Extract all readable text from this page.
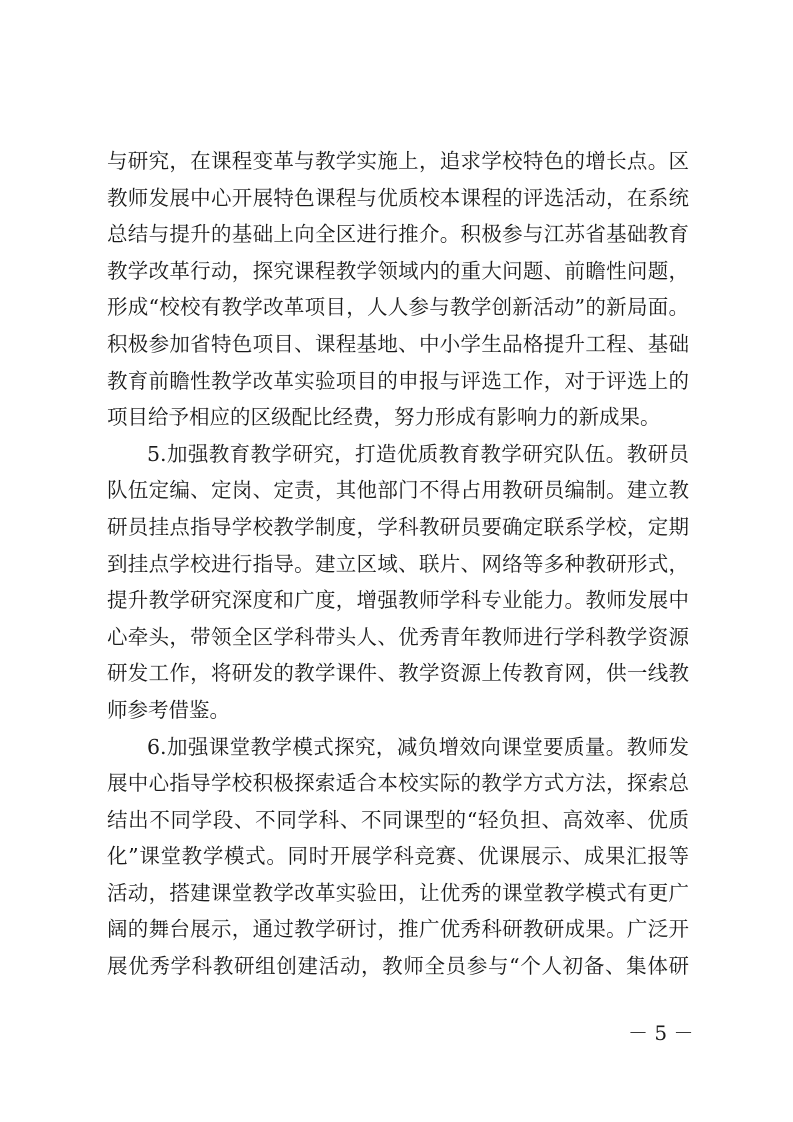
与研究，在课程变革与教学实施上，追求学校特色的增长点。区
教师发展中心开展特色课程与优质校本课程的评选活动，在系统
总结与提升的基础上向全区进行推介。积极参与江苏省基础教育
教学改革行动，探究课程教学领域内的重大问题、前瞻性问题，
形成“校校有教学改革项目，人人参与教学创新活动”的新局面。
积极参加省特色项目、课程基地、中小学生品格提升工程、基础
教育前瞻性教学改革实验项目的申报与评选工作，对于评选上的
项目给予相应的区级配比经费，努力形成有影响力的新成果。
5.加强教育教学研究，打造优质教育教学研究队伍。教研员
队伍定编、定岗、定责，其他部门不得占用教研员编制。建立教
研员挂点指导学校教学制度，学科教研员要确定联系学校，定期
到挂点学校进行指导。建立区域、联片、网络等多种教研形式，
提升教学研究深度和广度，增强教师学科专业能力。教师发展中
心牵头，带领全区学科带头人、优秀青年教师进行学科教学资源
研发工作，将研发的教学课件、教学资源上传教育网，供一线教
师参考借鉴。
6.加强课堂教学模式探究，减负增效向课堂要质量。教师发
展中心指导学校积极探索适合本校实际的教学方式方法，探索总
结出不同学段、不同学科、不同课型的“轻负担、高效率、优质
化”课堂教学模式。同时开展学科竞赛、优课展示、成果汇报等
活动，搭建课堂教学改革实验田，让优秀的课堂教学模式有更广
阔的舞台展示，通过教学研讨，推广优秀科研教研成果。广泛开
展优秀学科教研组创建活动，教师全员参与“个人初备、集体研
－ 5 －
